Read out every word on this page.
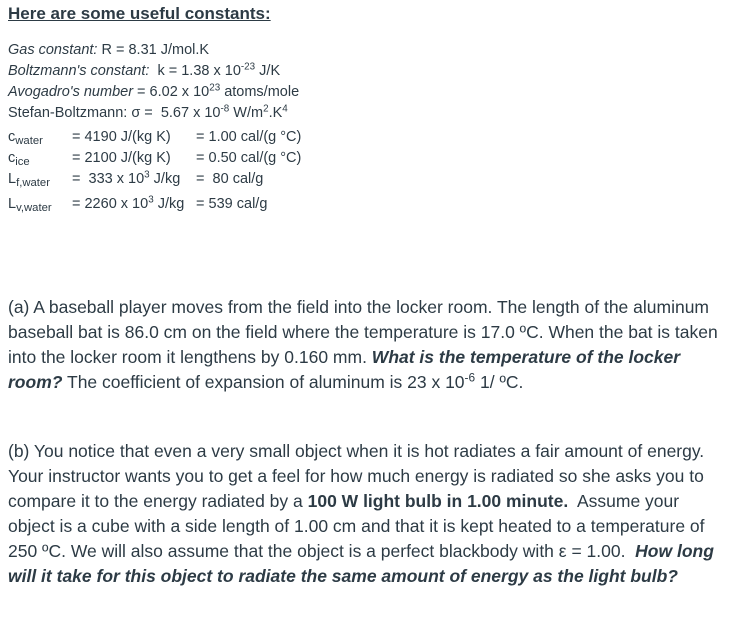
Here are some useful constants:
Gas constant: R = 8.31 J/mol.K
Boltzmann's constant:  k = 1.38 x $10^{-23}$ J/K
Avogadro's number = 6.02 x $10^{23}$ atoms/mole
Stefan-Boltzmann: σ =  5.67 x $10^{-8}$ $W/m^2.K^4$
$c_{water} = 4190$ J/(kg K) = 1.00 cal/(g °C)
$c_{ice}$	= 2100 J/(kg K) = 0.50 cal/(g °C)
$L_{f,water} = 333$ x $10^3$ J/kg =  80 cal/g
$L_{v,water} = 2260$ x $10^3$ J/kg = 539 cal/g

(a) A baseball player moves from the field into the locker room. The length of the aluminum baseball bat is 86.0 cm on the field where the temperature is 17.0 ºC. When the bat is taken into the locker room it lengthens by 0.160 mm. What is the temperature of the locker room? The coefficient of expansion of aluminum is 23 x $10^{-6}$ 1/ ºC.

(b) You notice that even a very small object when it is hot radiates a fair amount of energy. Your instructor wants you to get a feel for how much energy is radiated so she asks you to compare it to the energy radiated by a 100 W light bulb in 1.00 minute.  Assume your object is a cube with a side length of 1.00 cm and that it is kept heated to a temperature of 250 ºC. We will also assume that the object is a perfect blackbody with ε = 1.00.  How long will it take for this object to radiate the same amount of energy as the light bulb?
